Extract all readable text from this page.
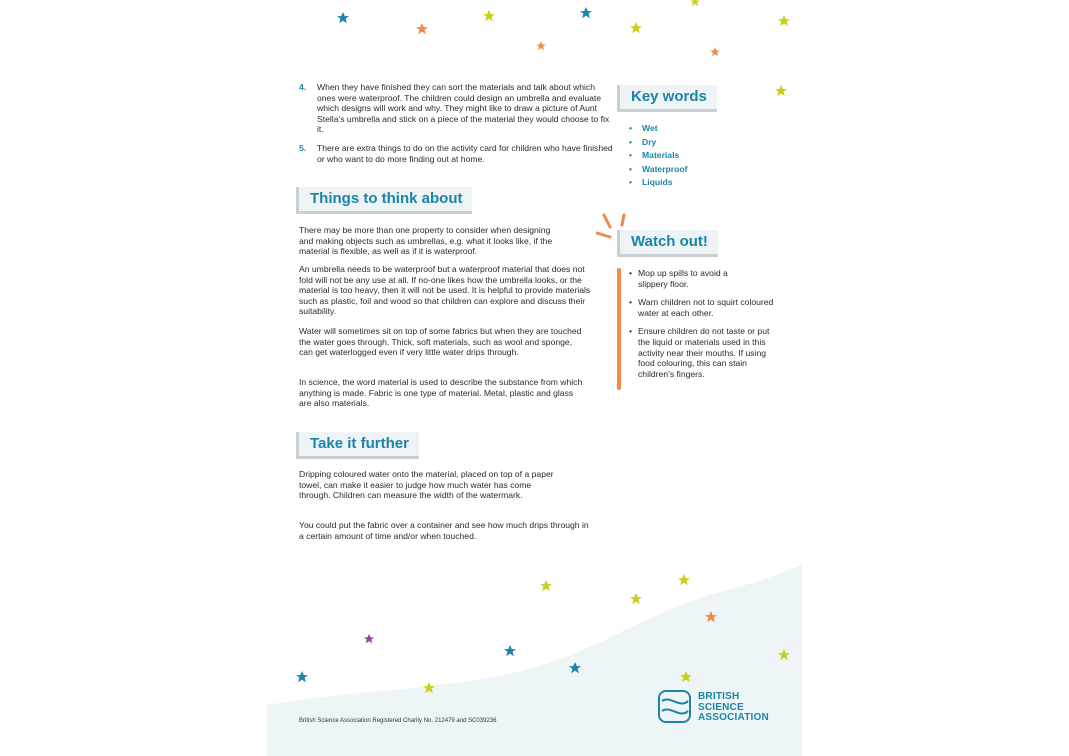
4. When they have finished they can sort the materials and talk about which ones were waterproof. The children could design an umbrella and evaluate which designs will work and why. They might like to draw a picture of Aunt Stella’s umbrella and stick on a piece of the material they would choose to fix it.
5. There are extra things to do on the activity card for children who have finished or who want to do more finding out at home.
Things to think about
There may be more than one property to consider when designing and making objects such as umbrellas, e.g. what it looks like, if the material is flexible, as well as if it is waterproof.
An umbrella needs to be waterproof but a waterproof material that does not fold will not be any use at all. If no-one likes how the umbrella looks, or the material is too heavy, then it will not be used. It is helpful to provide materials such as plastic, foil and wood so that children can explore and discuss their suitability.
Water will sometimes sit on top of some fabrics but when they are touched the water goes through. Thick, soft materials, such as wool and sponge, can get waterlogged even if very little water drips through.
In science, the word material is used to describe the substance from which anything is made. Fabric is one type of material. Metal, plastic and glass are also materials.
Take it further
Dripping coloured water onto the material, placed on top of a paper towel, can make it easier to judge how much water has come through. Children can measure the width of the watermark.
You could put the fabric over a container and see how much drips through in a certain amount of time and/or when touched.
Key words
• Wet
• Dry
• Materials
• Waterproof
• Liquids
Watch out!
• Mop up spills to avoid a slippery floor.
• Warn children not to squirt coloured water at each other.
• Ensure children do not taste or put the liquid or materials used in this activity near their mouths. If using food colouring, this can stain children’s fingers.
British Science Association Registered Charity No. 212479 and SC039236
BRITISH
SCIENCE
ASSOCIATION
